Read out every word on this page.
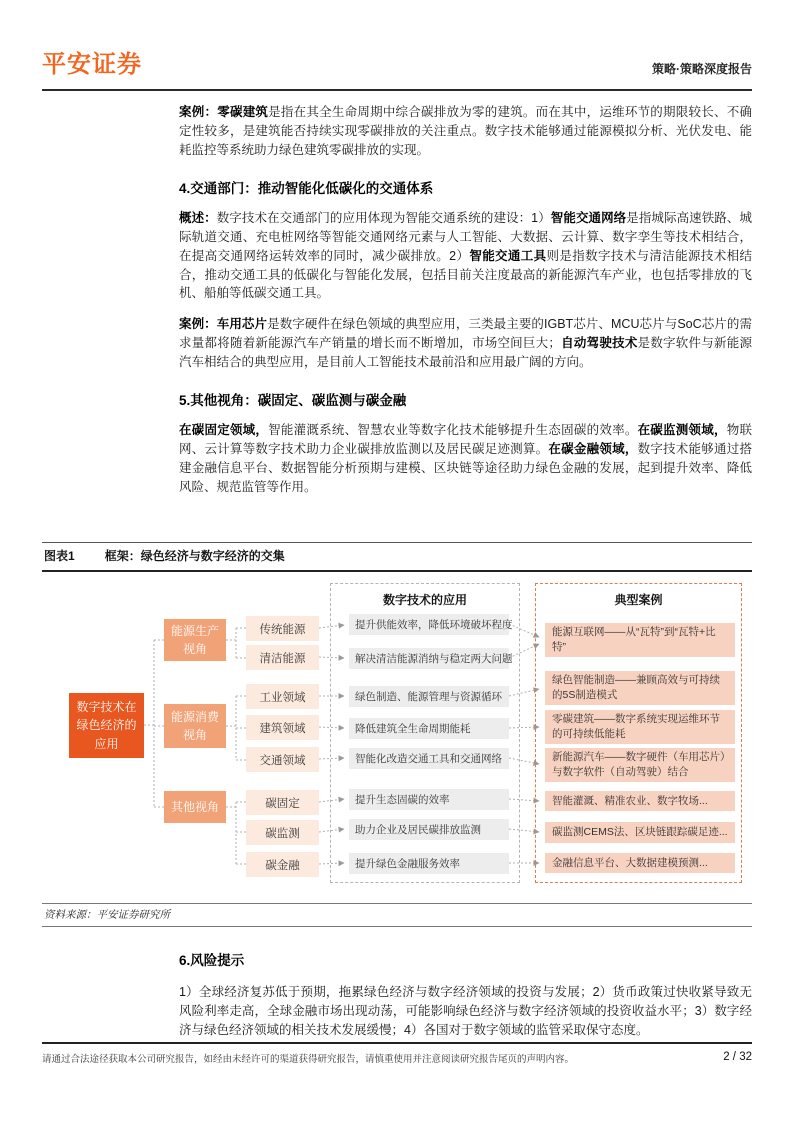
平安证券	策略·策略深度报告

案例：零碳建筑是指在其全生命周期中综合碳排放为零的建筑。而在其中，运维环节的期限较长、不确定性较多，是建筑能否持续实现零碳排放的关注重点。数字技术能够通过能源模拟分析、光伏发电、能耗监控等系统助力绿色建筑零碳排放的实现。

4.交通部门：推动智能化低碳化的交通体系

概述：数字技术在交通部门的应用体现为智能交通系统的建设：1）智能交通网络是指城际高速铁路、城际轨道交通、充电桩网络等智能交通网络元素与人工智能、大数据、云计算、数字孪生等技术相结合，在提高交通网络运转效率的同时，减少碳排放。2）智能交通工具则是指数字技术与清洁能源技术相结合，推动交通工具的低碳化与智能化发展，包括目前关注度最高的新能源汽车产业，也包括零排放的飞机、船舶等低碳交通工具。

案例：车用芯片是数字硬件在绿色领域的典型应用，三类最主要的IGBT芯片、MCU芯片与SoC芯片的需求量都将随着新能源汽车产销量的增长而不断增加，市场空间巨大；自动驾驶技术是数字软件与新能源汽车相结合的典型应用，是目前人工智能技术最前沿和应用最广阔的方向。

5.其他视角：碳固定、碳监测与碳金融

在碳固定领域，智能灌溉系统、智慧农业等数字化技术能够提升生态固碳的效率。在碳监测领域，物联网、云计算等数字技术助力企业碳排放监测以及居民碳足迹测算。在碳金融领域，数字技术能够通过搭建金融信息平台、数据智能分析预期与建模、区块链等途径助力绿色金融的发展，起到提升效率、降低风险、规范监管等作用。

图表1	框架：绿色经济与数字经济的交集
数字技术的应用	典型案例
数字技术在绿色经济的应用
能源生产视角
能源消费视角
其他视角
传统能源
清洁能源
工业领域
建筑领域
交通领域
碳固定
碳监测
碳金融
提升供能效率，降低环境破坏程度
解决清洁能源消纳与稳定两大问题
绿色制造、能源管理与资源循环
降低建筑全生命周期能耗
智能化改造交通工具和交通网络
提升生态固碳的效率
助力企业及居民碳排放监测
提升绿色金融服务效率
能源互联网——从“瓦特”到“瓦特+比特”
绿色智能制造——兼顾高效与可持续的5S制造模式
零碳建筑——数字系统实现运维环节的可持续低能耗
新能源汽车——数字硬件（车用芯片）与数字软件（自动驾驶）结合
智能灌溉、精准农业、数字牧场...
碳监测CEMS法、区块链跟踪碳足迹...
金融信息平台、大数据建模预测...
资料来源：平安证券研究所
6.风险提示

1）全球经济复苏低于预期，拖累绿色经济与数字经济领域的投资与发展；2）货币政策过快收紧导致无风险利率走高，全球金融市场出现动荡，可能影响绿色经济与数字经济领域的投资收益水平；3）数字经济与绿色经济领域的相关技术发展缓慢；4）各国对于数字领域的监管采取保守态度。

请通过合法途径获取本公司研究报告，如经由未经许可的渠道获得研究报告，请慎重使用并注意阅读研究报告尾页的声明内容。	2 / 32
